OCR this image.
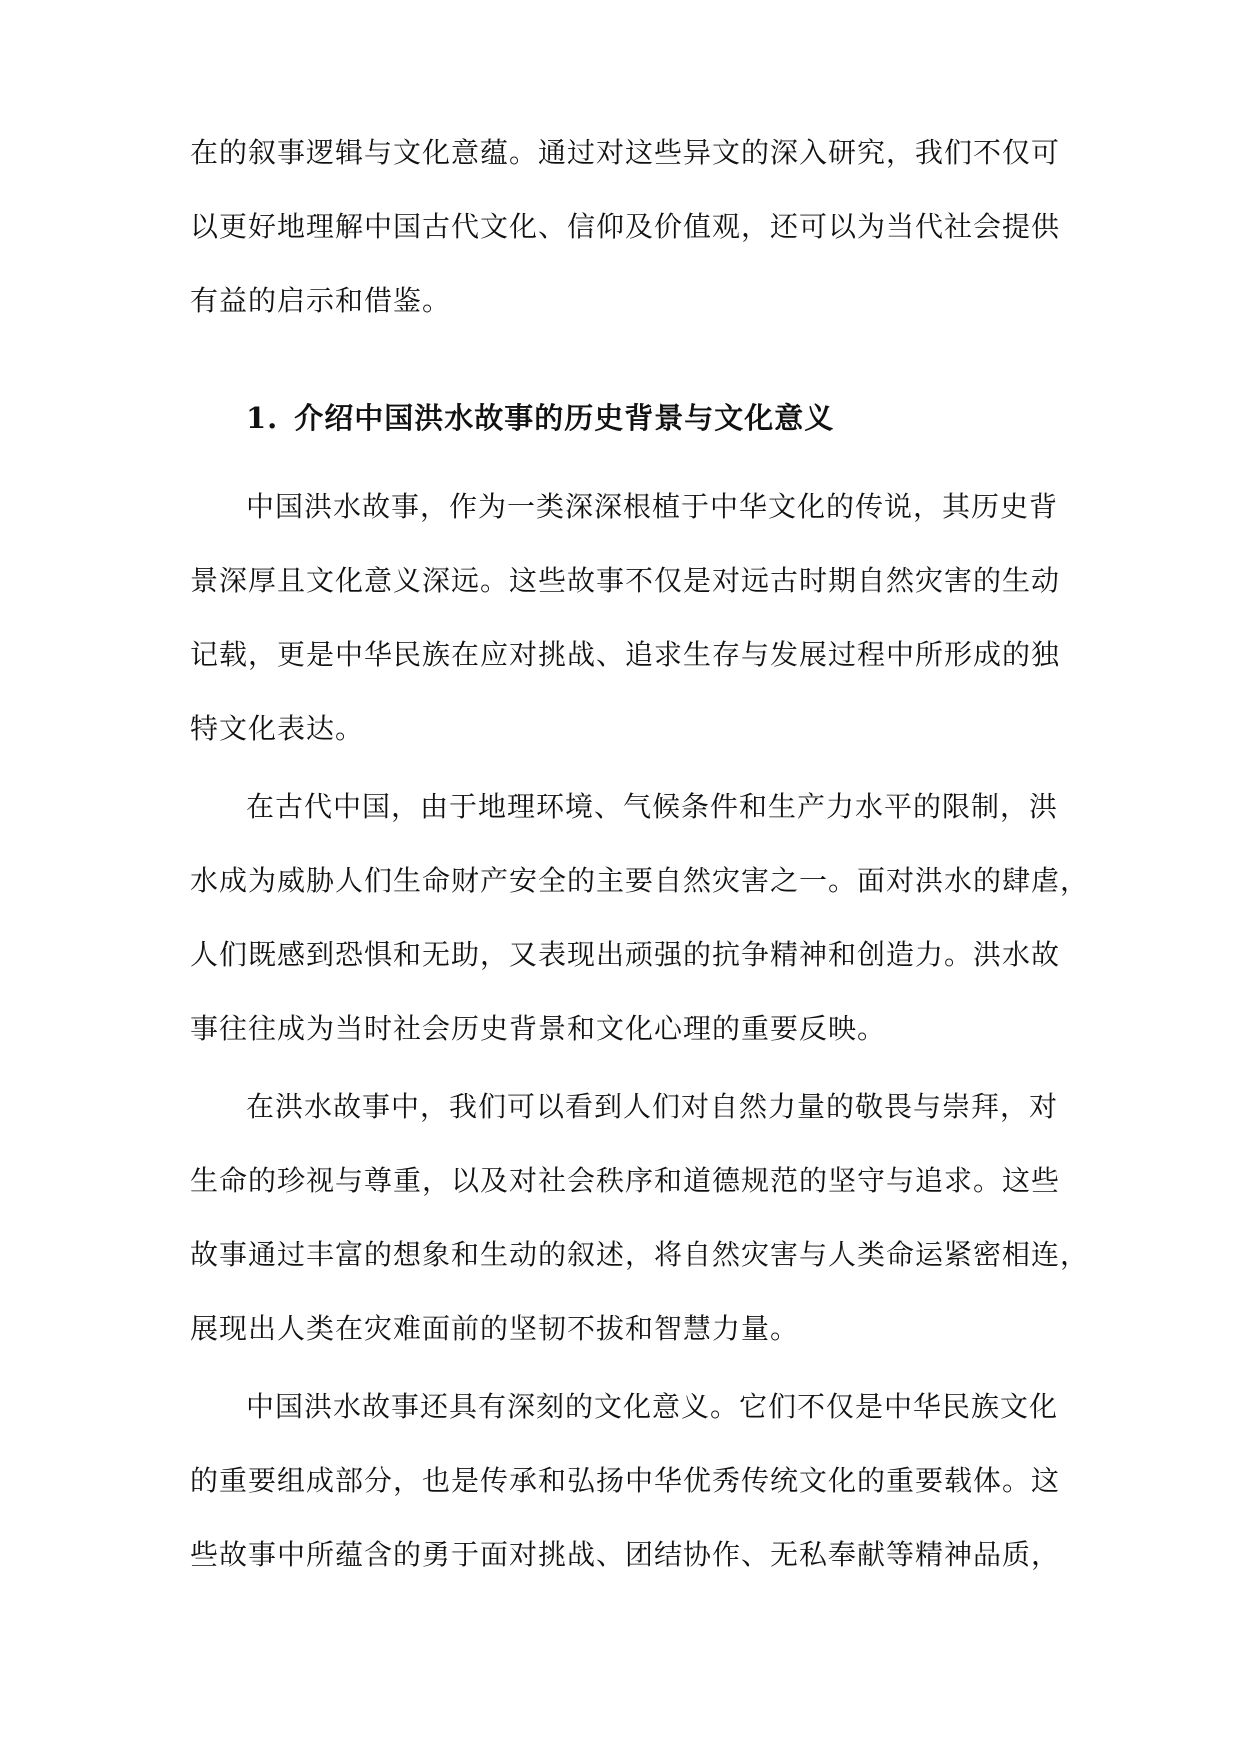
在的叙事逻辑与文化意蕴。通过对这些异文的深入研究，我们不仅可
以更好地理解中国古代文化、信仰及价值观，还可以为当代社会提供
有益的启示和借鉴。
1. 介绍中国洪水故事的历史背景与文化意义
中国洪水故事，作为一类深深根植于中华文化的传说，其历史背
景深厚且文化意义深远。这些故事不仅是对远古时期自然灾害的生动
记载，更是中华民族在应对挑战、追求生存与发展过程中所形成的独
特文化表达。
在古代中国，由于地理环境、气候条件和生产力水平的限制，洪
水成为威胁人们生命财产安全的主要自然灾害之一。面对洪水的肆虐，
人们既感到恐惧和无助，又表现出顽强的抗争精神和创造力。洪水故
事往往成为当时社会历史背景和文化心理的重要反映。
在洪水故事中，我们可以看到人们对自然力量的敬畏与崇拜，对
生命的珍视与尊重，以及对社会秩序和道德规范的坚守与追求。这些
故事通过丰富的想象和生动的叙述，将自然灾害与人类命运紧密相连，
展现出人类在灾难面前的坚韧不拔和智慧力量。
中国洪水故事还具有深刻的文化意义。它们不仅是中华民族文化
的重要组成部分，也是传承和弘扬中华优秀传统文化的重要载体。这
些故事中所蕴含的勇于面对挑战、团结协作、无私奉献等精神品质，
